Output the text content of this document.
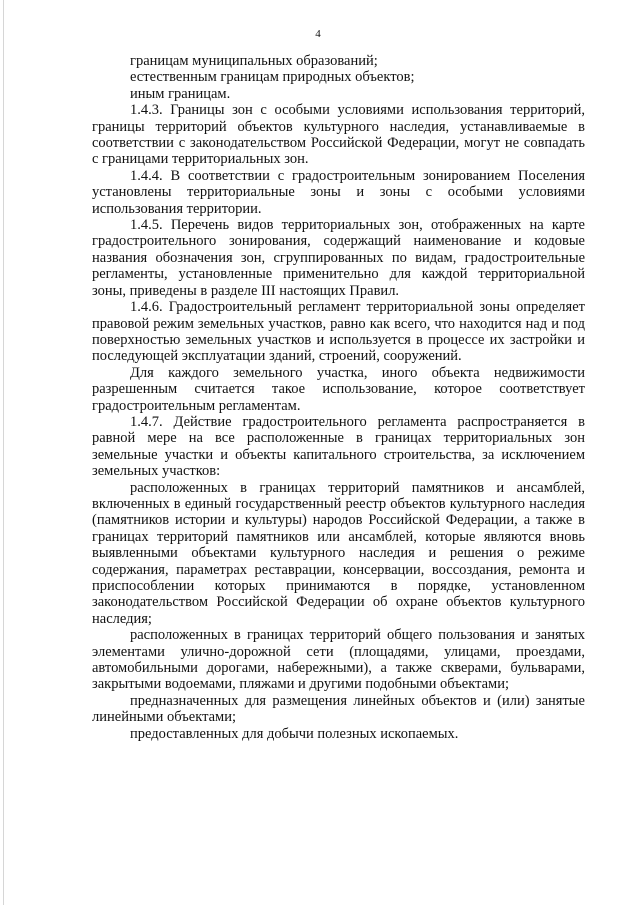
4

границам муниципальных образований;

естественным границам природных объектов;

иным границам.

1.4.3. Границы зон с особыми условиями использования территорий, границы территорий объектов культурного наследия, устанавливаемые в соответствии с законодательством Российской Федерации, могут не совпадать с границами территориальных зон.

1.4.4. В соответствии с градостроительным зонированием Поселения установлены территориальные зоны и зоны с особыми условиями использования территории.

1.4.5. Перечень видов территориальных зон, отображенных на карте градостроительного зонирования, содержащий наименование и кодовые названия обозначения зон, сгруппированных по видам, градостроительные регламенты, установленные применительно для каждой территориальной зоны, приведены в разделе III настоящих Правил.

1.4.6. Градостроительный регламент территориальной зоны определяет правовой режим земельных участков, равно как всего, что находится над и под поверхностью земельных участков и используется в процессе их застройки и последующей эксплуатации зданий, строений, сооружений.

Для каждого земельного участка, иного объекта недвижимости разрешенным считается такое использование, которое соответствует градостроительным регламентам.

1.4.7. Действие градостроительного регламента распространяется в равной мере на все расположенные в границах территориальных зон земельные участки и объекты капитального строительства, за исключением земельных участков:

расположенных в границах территорий памятников и ансамблей, включенных в единый государственный реестр объектов культурного наследия (памятников истории и культуры) народов Российской Федерации, а также в границах территорий памятников или ансамблей, которые являются вновь выявленными объектами культурного наследия и решения о режиме содержания, параметрах реставрации, консервации, воссоздания, ремонта и приспособлении которых принимаются в порядке, установленном законодательством Российской Федерации об охране объектов культурного наследия;

расположенных в границах территорий общего пользования и занятых элементами улично-дорожной сети (площадями, улицами, проездами, автомобильными дорогами, набережными), а также скверами, бульварами, закрытыми водоемами, пляжами и другими подобными объектами;

предназначенных для размещения линейных объектов и (или) занятые линейными объектами;

предоставленных для добычи полезных ископаемых.
